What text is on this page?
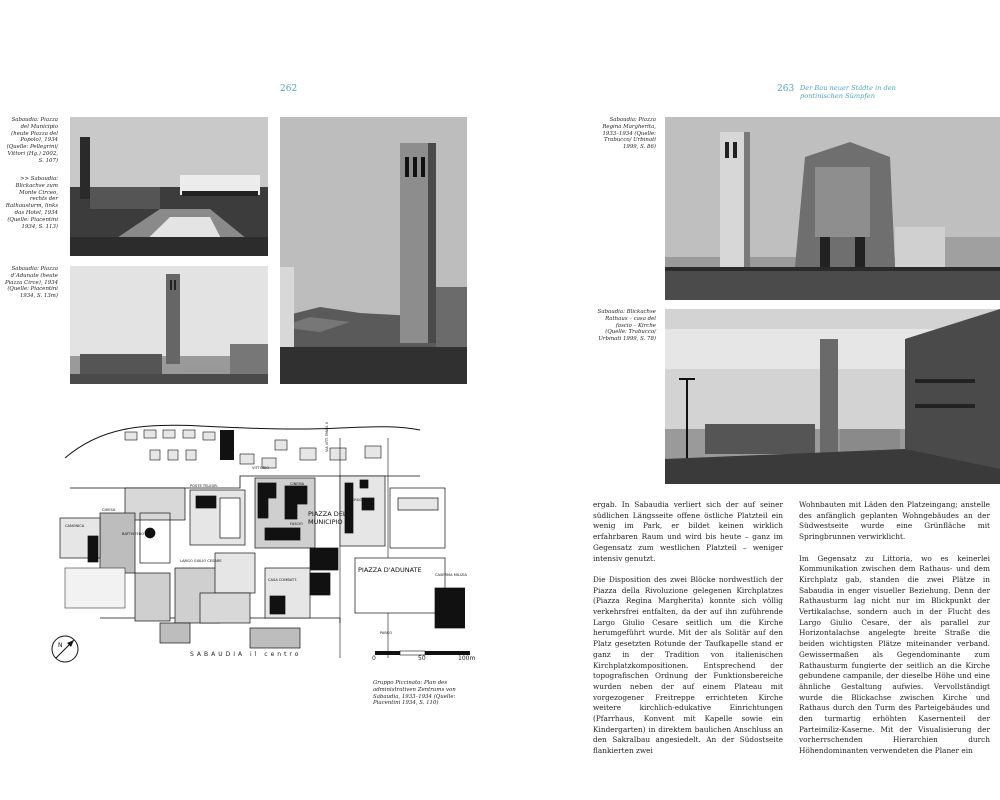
262	263 Der Bau neuer Städte in den pontinischen Sümpfen
Sabaudia: Piazza del Municipio (heute Piazza del Popolo), 1934 (Quelle: Pellegrini/ Vittori (Hg.) 2002, S. 107)
>> Sabaudia: Blickachse zum Monte Circeo, rechts der Rathausturm, links das Hotel, 1934 (Quelle: Piacentini 1934, S. 113)
Sabaudia: Piazza d’Adunate (heute Piazza Circe), 1934 (Quelle: Piacentini 1934, S. 13m)
Sabaudia: Piazza Regina Margherita, 1933–1934 (Quelle: Trabucco/ Urbinati 1999, S. 86)
Sabaudia: Blickachse Rathaus – casa del fascio – Kirche (Quelle: Trabucco/ Urbinati 1999, S. 78)
PIAZZA DEL MUNICIPIO
PIAZZA D'ADUNATE
BATTISTERO
CHIESA
CANONICA
CASERMA MILIZIA
ALBERGO
VITTORIO
VIA VITT. EMAN. II
LARGO GIULIO CESARE
CASA COMBATT.
PARCO
CINEMA
FASCIO
POSTE TELEGR.
G.I.L.
N
SABAUDIA il centro
0	50	100m
Gruppo Piccinato: Plan des administrativen Zentrums von Sabaudia, 1933–1934 (Quelle: Piacentini 1934, S. 110)

ergab. In Sabaudia verliert sich der auf seiner südlichen Längsseite offene östliche Platzteil ein wenig im Park, er bildet keinen wirklich erfahrbaren Raum und wird bis heute – ganz im Gegensatz zum westlichen Platzteil – weniger intensiv genutzt.

Die Disposition des zwei Blöcke nordwestlich der Piazza della Rivoluzione gelegenen Kirchplatzes (Piazza Regina Margherita) konnte sich völlig verkehrsfrei entfalten, da der auf ihn zuführende Largo Giulio Cesare seitlich um die Kirche herumgeführt wurde. Mit der als Solitär auf den Platz gesetzten Rotunde der Taufkapelle stand er ganz in der Tradition von italienischen Kirchplatzkompositionen. Entsprechend der topografischen Ordnung der Funktionsbereiche wurden neben der auf einem Plateau mit vorgezogener Freitreppe errichteten Kirche weitere kirchlich-edukative Einrichtungen (Pfarrhaus, Konvent mit Kapelle sowie ein Kindergarten) in direktem baulichen Anschluss an den Sakralbau angesiedelt. An der Südostseite flankierten zwei

Wohnbauten mit Läden den Platzeingang; anstelle des anfänglich geplanten Wohngebäudes an der Südwestseite wurde eine Grünfläche mit Springbrunnen verwirklicht.

Im Gegensatz zu Littoria, wo es keinerlei Kommunikation zwischen dem Rathaus- und dem Kirchplatz gab, standen die zwei Plätze in Sabaudia in enger visueller Beziehung. Denn der Rathausturm lag nicht nur im Blickpunkt der Vertikalachse, sondern auch in der Flucht des Largo Giulio Cesare, der als parallel zur Horizontalachse angelegte breite Straße die beiden wichtigsten Plätze miteinander verband. Gewissermaßen als Gegendominante zum Rathausturm fungierte der seitlich an die Kirche gebundene campanile, der dieselbe Höhe und eine ähnliche Gestaltung aufwies. Vervollständigt wurde die Blickachse zwischen Kirche und Rathaus durch den Turm des Parteigebäudes und den turmartig erhöhten Kasernenteil der Parteimiliz-Kaserne. Mit der Visualisierung der vorherrschenden Hierarchien durch Höhendominanten verwendeten die Planer ein
